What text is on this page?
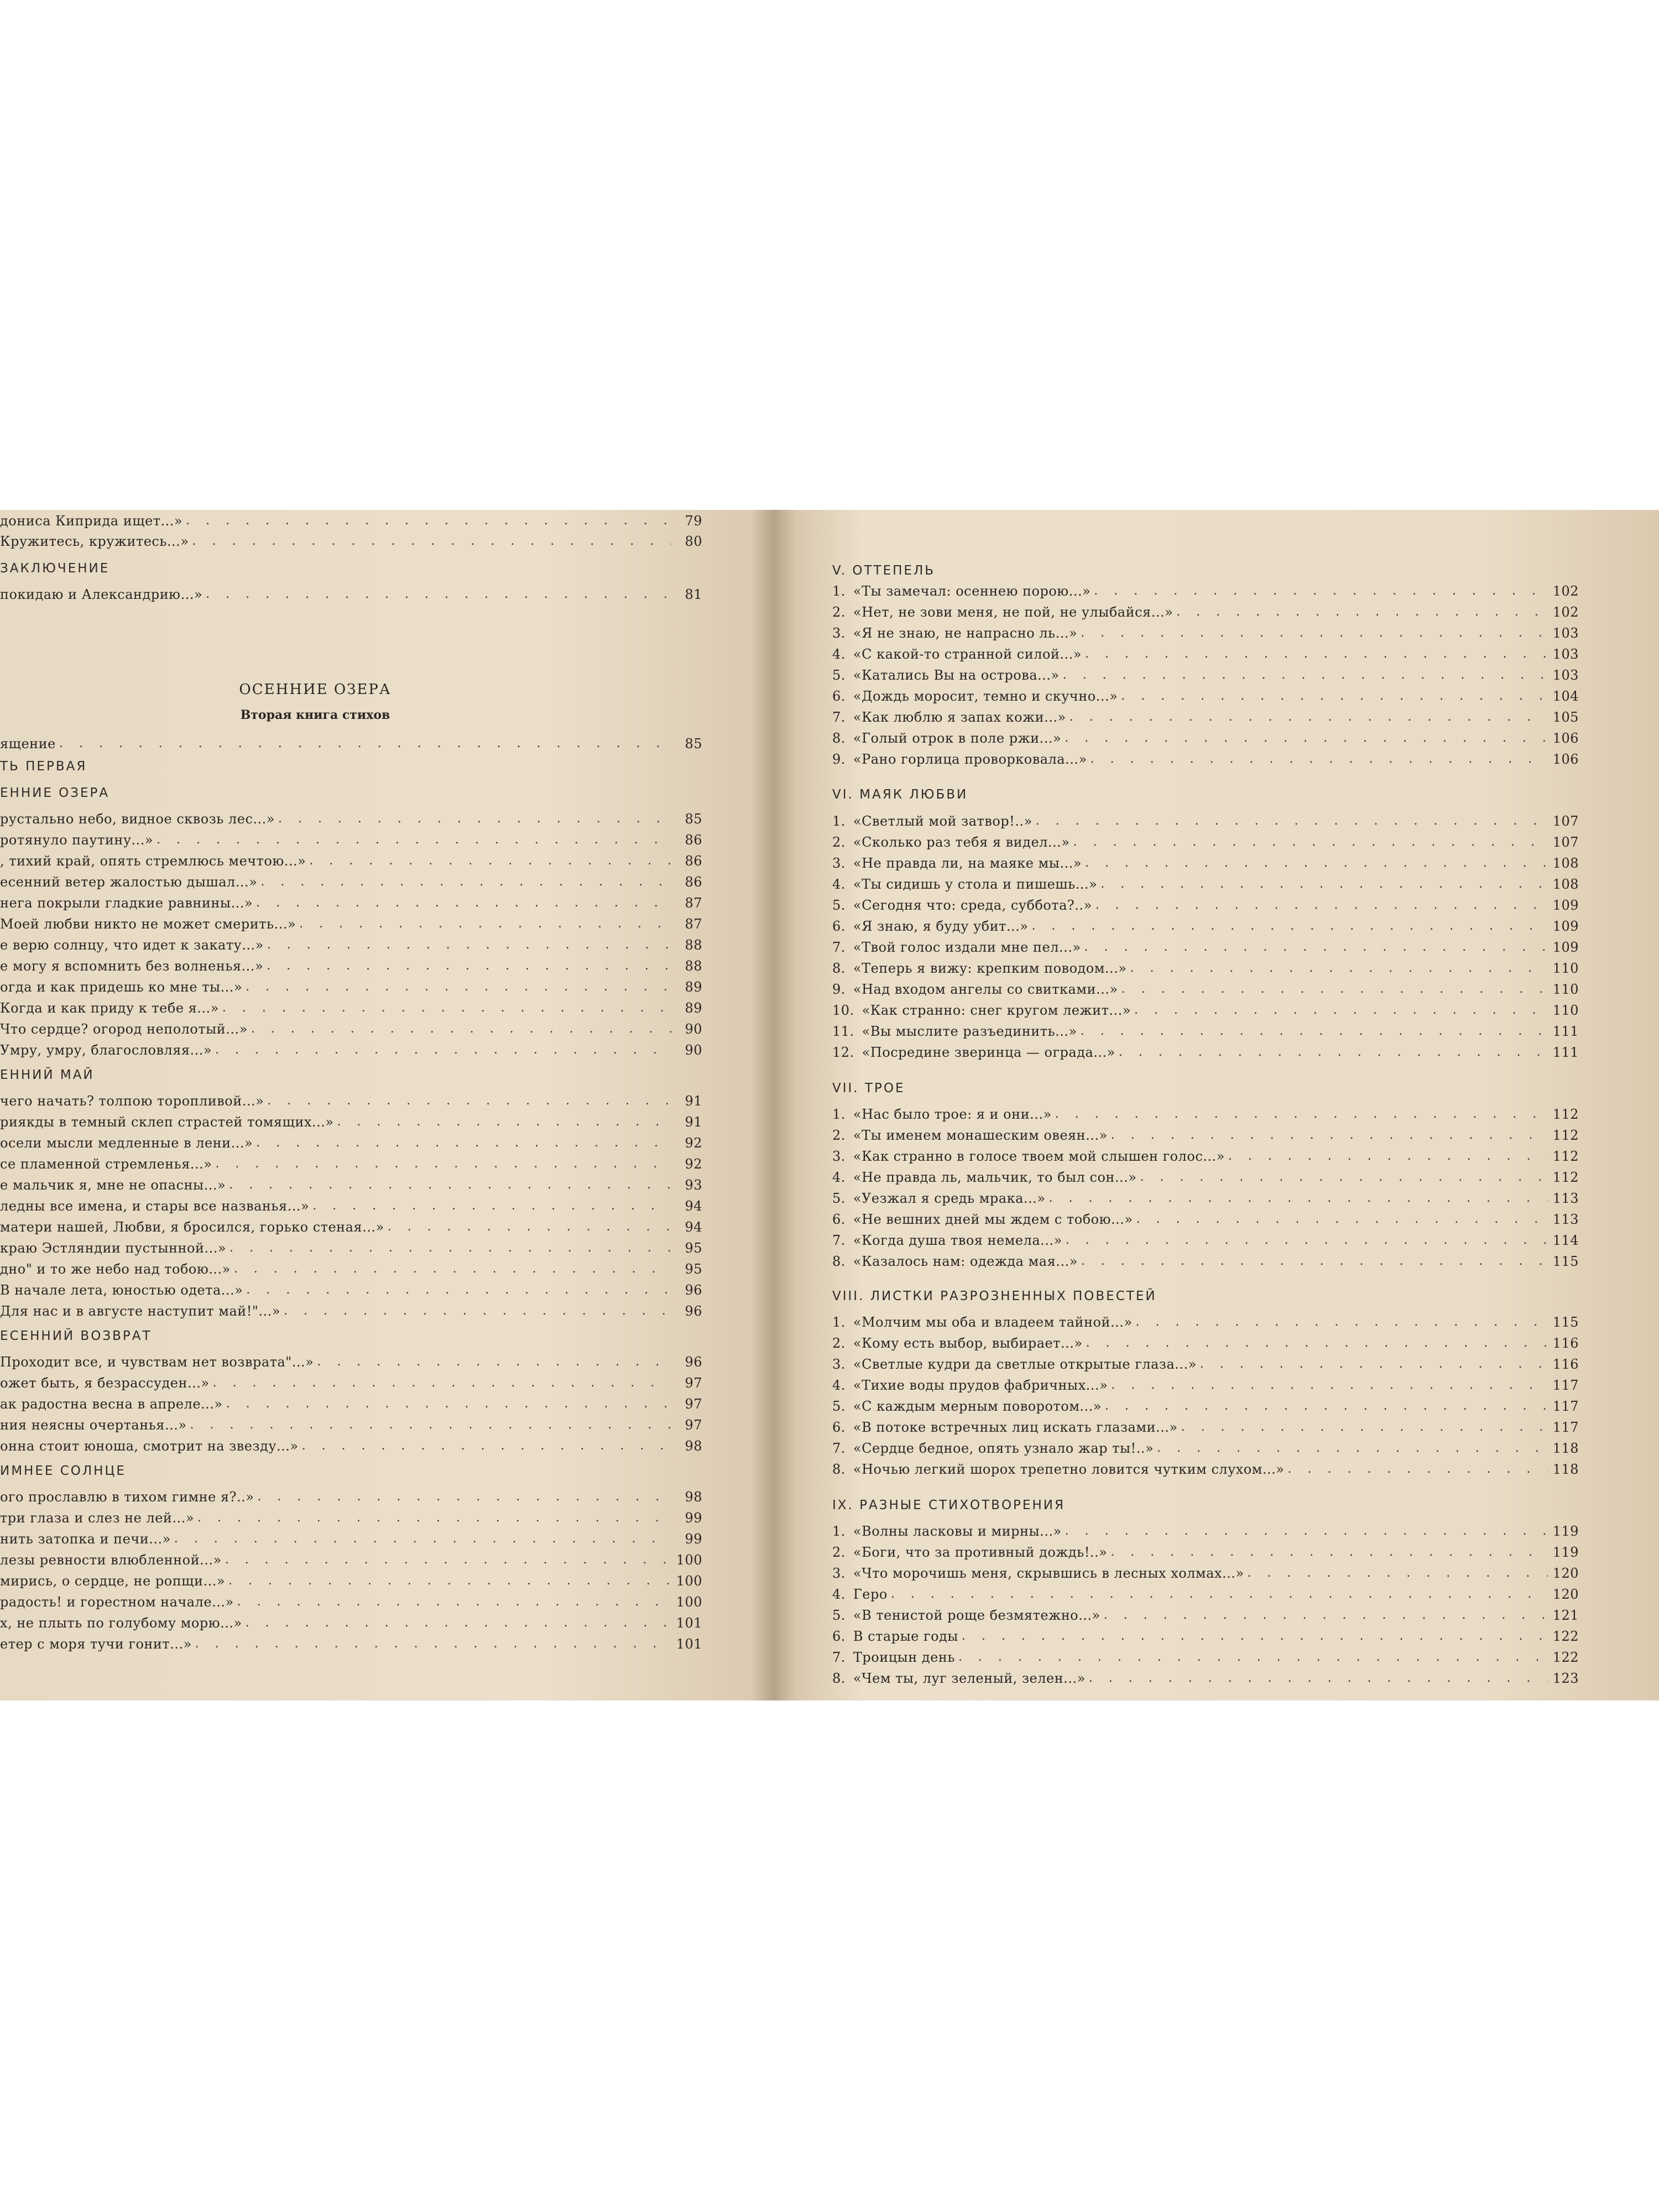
донисa Киприда ищет...» . . .	79
Кружитесь, кружитесь...» . . .	80
ЗАКЛЮЧЕНИЕ
покидаю и Александрию...» . . .	81
ОСЕННИЕ ОЗЕРА
Вторая книга стихов
ящение . . .	85
ТЬ ПЕРВАЯ
ЕННИЕ ОЗЕРА
рустально небо, видное сквозь лес...» . . .	85
ротянуло паутину...» . . .	86
, тихий край, опять стремлюсь мечтою...» . . .	86
есенний ветер жалостью дышал...» . . .	86
нега покрыли гладкие равнины...» . . .	87
Моей любви никто не может смерить...» . . .	87
е верю солнцу, что идет к закату...» . . .	88
е могу я вспомнить без волненья...» . . .	88
огда и как придешь ко мне ты...» . . .	89
Когда и как приду к тебе я...» . . .	89
Что сердце? огород неполотый...» . . .	90
Умру, умру, благословляя...» . . .	90
ЕННИЙ МАЙ
чего начать? толпою торопливой...» . . .	91
риякды в темный склеп страстей томящих...» . . .	91
осели мысли медленные в лени...» . . .	92
се пламенной стремленья...» . . .	92
е мальчик я, мне не опасны...» . . .	93
ледны все имена, и стары все названья...» . . .	94
матери нашей, Любви, я бросился, горько стеная...» . . .	94
краю Эстляндии пустынной...» . . .	95
дно" и то же небо над тобою...» . . .	95
В начале лета, юностью одета...» . . .	96
Для нас и в августе наступит май!"...» . . .	96
ЕСЕННИЙ ВОЗВРАТ
Проходит все, и чувствам нет возврата"...» . . .	96
ожет быть, я безрассуден...» . . .	97
ак радостна весна в апреле...» . . .	97
ния неясны очертанья...» . . .	97
онна стоит юноша, смотрит на звезду...» . . .	98
ИМНЕЕ СОЛНЦЕ
ого прославлю в тихом гимне я?..» . . .	98
три глаза и слез не лей...» . . .	99
нить затопка и печи...» . . .	99
лезы ревности влюбленной...» . . .	100
мирись, о сердце, не ропщи...» . . .	100
радость! и горестном начале...» . . .	100
х, не плыть по голубому морю...» . . .	101
етер с моря тучи гонит...» . . .	101
V. ОТТЕПЕЛЬ
1. «Ты замечал: осеннею порою...» . . .	102
2. «Нет, не зови меня, не пой, не улыбайся...» . . .	102
3. «Я не знаю, не напрасно ль...» . . .	103
4. «С какой-то странной силой...» . . .	103
5. «Катались Вы на острова...» . . .	103
6. «Дождь моросит, темно и скучно...» . . .	104
7. «Как люблю я запах кожи...» . . .	105
8. «Голый отрок в поле ржи...» . . .	106
9. «Рано горлица проворковала...» . . .	106
VI. МАЯК ЛЮБВИ
1. «Светлый мой затвор!..» . . .	107
2. «Сколько раз тебя я видел...» . . .	107
3. «Не правда ли, на маяке мы...» . . .	108
4. «Ты сидишь у стола и пишешь...» . . .	108
5. «Сегодня что: среда, суббота?..» . . .	109
6. «Я знаю, я буду убит...» . . .	109
7. «Твой голос издали мне пел...» . . .	109
8. «Теперь я вижу: крепким поводом...» . . .	110
9. «Над входом ангелы со свитками...» . . .	110
10. «Как странно: снег кругом лежит...» . . .	110
11. «Вы мыслите разъединить...» . . .	111
12. «Посредине зверинца — ограда...» . . .	111
VII. ТРОЕ
1. «Нас было трое: я и они...» . . .	112
2. «Ты именем монашеским овеян...» . . .	112
3. «Как странно в голосе твоем мой слышен голос...» . . .	112
4. «Не правда ль, мальчик, то был сон...» . . .	112
5. «Уезжал я средь мрака...» . . .	113
6. «Не вешних дней мы ждем с тобою...» . . .	113
7. «Когда душа твоя немела...» . . .	114
8. «Казалось нам: одежда мая...» . . .	115
VIII. ЛИСТКИ РАЗРОЗНЕННЫХ ПОВЕСТЕЙ
1. «Молчим мы оба и владеем тайной...» . . .	115
2. «Кому есть выбор, выбирает...» . . .	116
3. «Светлые кудри да светлые открытые глаза...» . . .	116
4. «Тихие воды прудов фабричных...» . . .	117
5. «С каждым мерным поворотом...» . . .	117
6. «В потоке встречных лиц искать глазами...» . . .	117
7. «Сердце бедное, опять узнало жар ты!..» . . .	118
8. «Ночью легкий шорох трепетно ловится чутким слухом...» . . .	118
IX. РАЗНЫЕ СТИХОТВОРЕНИЯ
1. «Волны ласковы и мирны...» . . .	119
2. «Боги, что за противный дождь!..» . . .	119
3. «Что морочишь меня, скрывшись в лесных холмах...» . . .	120
4. Геро . . .	120
5. «В тенистой роще безмятежно...» . . .	121
6. В старые годы . . .	122
7. Троицын день . . .	122
8. «Чем ты, луг зеленый, зелен...» . . .	123
